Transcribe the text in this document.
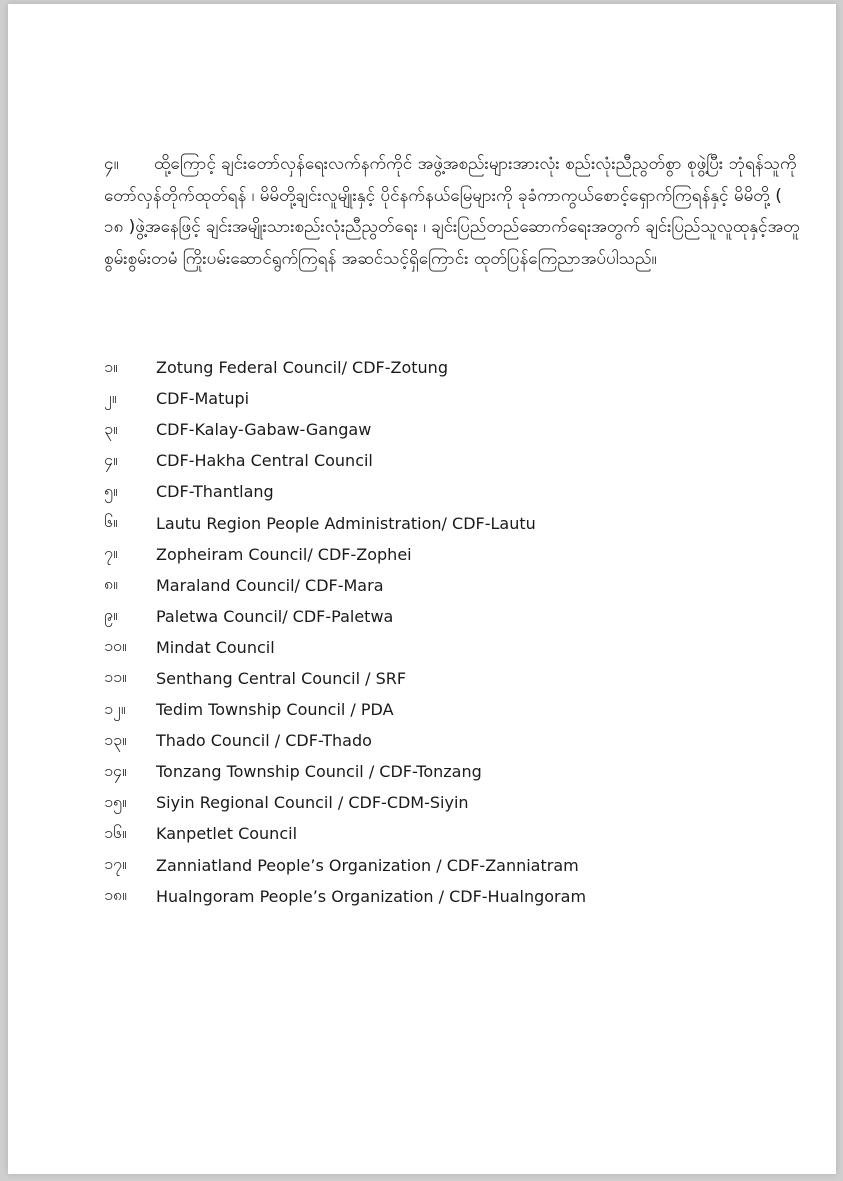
၄။ ထို့ကြောင့် ချင်းတော်လှန်ရေးလက်နက်ကိုင် အဖွဲ့အစည်းများအားလုံး စည်းလုံးညီညွတ်စွာ စုဖွဲ့ပြီး ဘုံရန်သူကို တော်လှန်တိုက်ထုတ်ရန် ၊ မိမိတို့ချင်းလူမျိုးနှင့် ပိုင်နက်နယ်မြေများကို ခုခံကာကွယ်စောင့်ရှောက်ကြရန်နှင့် မိမိတို့ ( ၁၈ )ဖွဲ့အနေဖြင့် ချင်းအမျိုးသားစည်းလုံးညီညွတ်ရေး ၊ ချင်းပြည်တည်ဆောက်ရေးအတွက် ချင်းပြည်သူလူထုနှင့်အတူ စွမ်းစွမ်းတမံ ကြိုးပမ်းဆောင်ရွက်ကြရန် အဆင်သင့်ရှိကြောင်း ထုတ်ပြန်ကြေညာအပ်ပါသည်။

၁။	Zotung Federal Council/ CDF-Zotung
၂။	CDF-Matupi
၃။	CDF-Kalay-Gabaw-Gangaw
၄။	CDF-Hakha Central Council
၅။	CDF-Thantlang
၆။	Lautu Region People Administration/ CDF-Lautu
၇။	Zopheiram Council/ CDF-Zophei
၈။	Maraland Council/ CDF-Mara
၉။	Paletwa Council/ CDF-Paletwa
၁၀။	Mindat Council
၁၁။	Senthang Central Council / SRF
၁၂။	Tedim Township Council / PDA
၁၃။	Thado Council / CDF-Thado
၁၄။	Tonzang Township Council / CDF-Tonzang
၁၅။	Siyin Regional Council / CDF-CDM-Siyin
၁၆။	Kanpetlet Council
၁၇။	Zanniatland People’s Organization / CDF-Zanniatram
၁၈။	Hualngoram People’s Organization / CDF-Hualngoram
